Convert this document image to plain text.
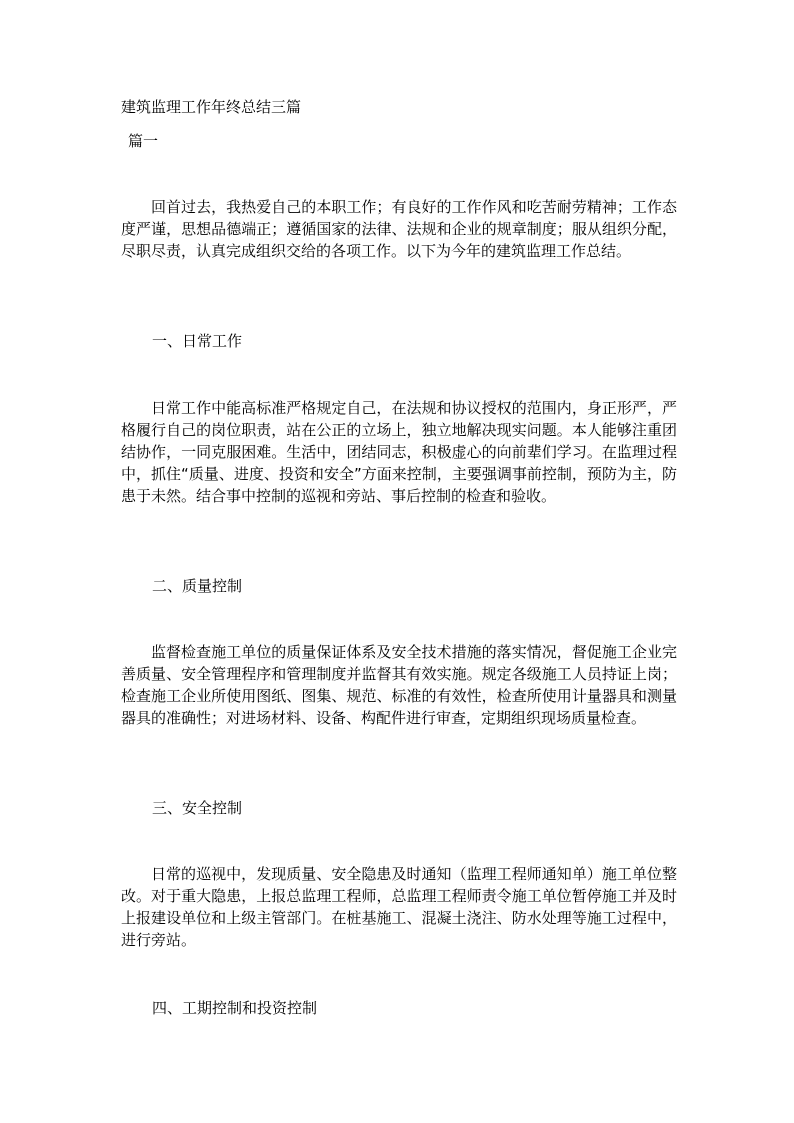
建筑监理工作年终总结三篇
篇一

回首过去，我热爱自己的本职工作；有良好的工作作风和吃苦耐劳精神；工作态度严谨，思想品德端正；遵循国家的法律、法规和企业的规章制度；服从组织分配，尽职尽责，认真完成组织交给的各项工作。以下为今年的建筑监理工作总结。

一、日常工作

日常工作中能高标准严格规定自己，在法规和协议授权的范围内，身正形严，严格履行自己的岗位职责，站在公正的立场上，独立地解决现实问题。本人能够注重团结协作，一同克服困难。生活中，团结同志，积极虚心的向前辈们学习。在监理过程中，抓住“质量、进度、投资和安全”方面来控制，主要强调事前控制，预防为主，防患于未然。结合事中控制的巡视和旁站、事后控制的检查和验收。

二、质量控制

监督检查施工单位的质量保证体系及安全技术措施的落实情况，督促施工企业完善质量、安全管理程序和管理制度并监督其有效实施。规定各级施工人员持证上岗；检查施工企业所使用图纸、图集、规范、标准的有效性，检查所使用计量器具和测量器具的准确性；对进场材料、设备、构配件进行审查，定期组织现场质量检查。

三、安全控制

日常的巡视中，发现质量、安全隐患及时通知（监理工程师通知单）施工单位整改。对于重大隐患，上报总监理工程师，总监理工程师责令施工单位暂停施工并及时上报建设单位和上级主管部门。在桩基施工、混凝土浇注、防水处理等施工过程中，进行旁站。

四、工期控制和投资控制
